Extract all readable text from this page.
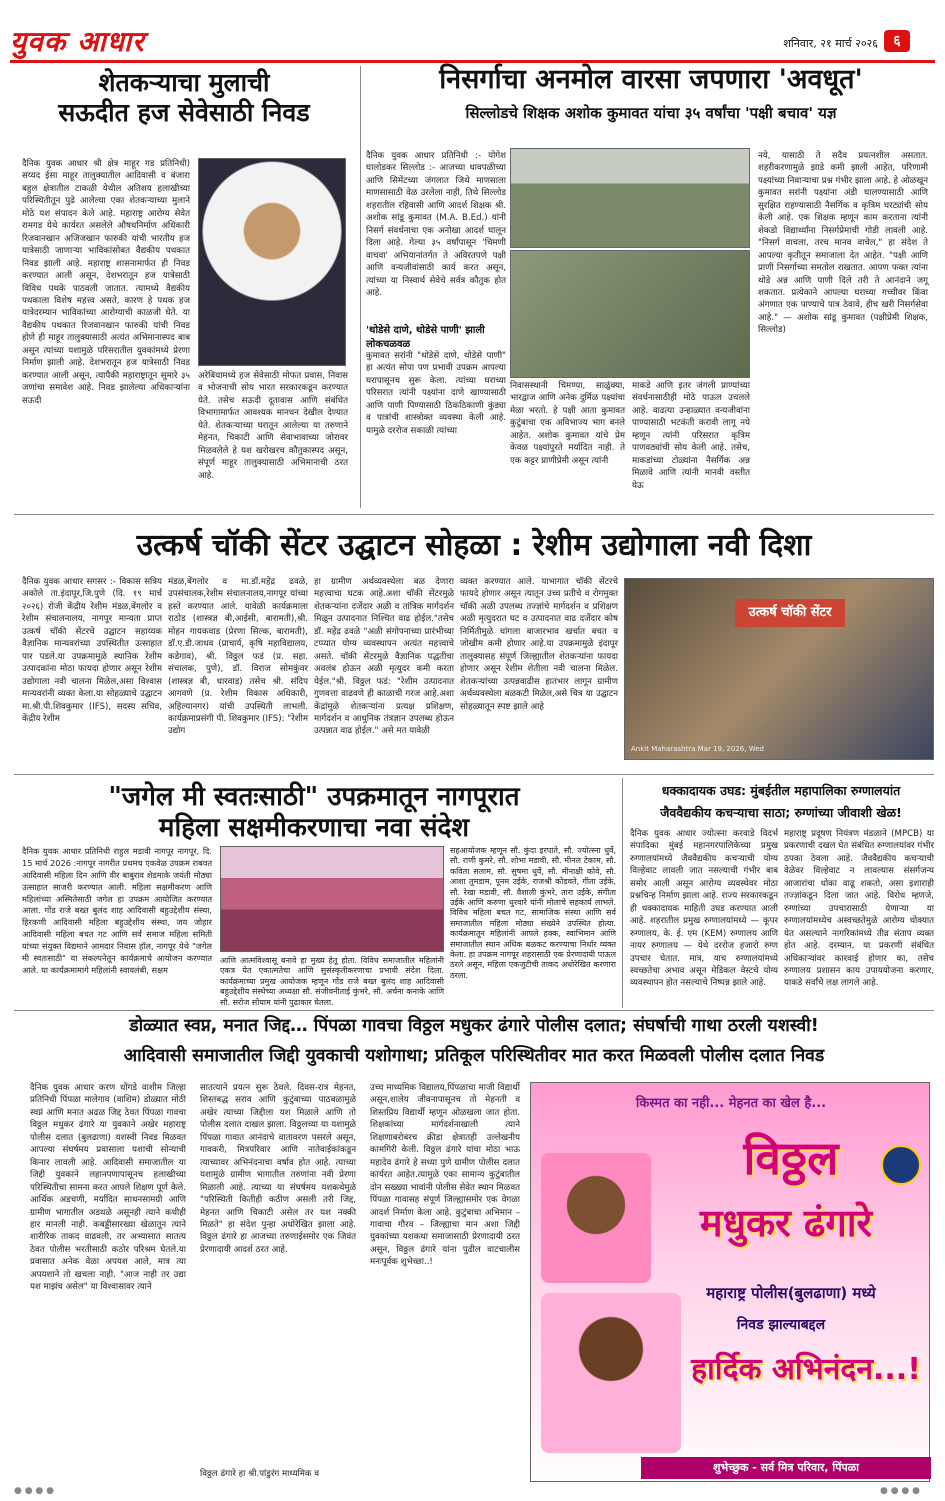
युवक आधार	शनिवार, २१ मार्च २०२६	६
शेतकऱ्याचा मुलाची
सऊदीत हज सेवेसाठी निवड
दैनिक युवक आधार श्री क्षेत्र माहूर गड प्रतिनिधी) सय्यद ईसा माहूर तालुक्यातील आदिवासी व बंजारा बहुल क्षेत्रातील टाकळी येथील अतिशय हलाखीच्या परिस्थितीतून पुढे आलेल्या एका शेतकऱ्याच्या मुलाने मोठे यश संपादन केले आहे. महाराष्ट्र आरोग्य सेवेत रामगड येथे कार्यरत असलेले औषधनिर्माण अधिकारी रिजवानखान अजिजखान फारुकी यांची भारतीय हज यात्रेसाठी जाणाऱ्या भाविकांसोबत वैद्यकीय पथकात निवड झाली आहे. महाराष्ट्र शासनामार्फत ही निवड करण्यात आली असून, देशभरातून हज यात्रेसाठी विविध पथके पाठवली जातात. त्यामध्ये वैद्यकीय पथकाला विशेष महत्त्व असते, कारण हे पथक हज यात्रेदरम्यान भाविकांच्या आरोग्याची काळजी घेते. या वैद्यकीय पथकात रिजवानखान फारुकी यांची निवड होणे ही माहूर तालुक्यासाठी अत्यंत अभिमानास्पद बाब असून त्यांच्या यशामुळे परिसरातील युवकांमध्ये प्रेरणा निर्माण झाली आहे. देशभरातून हज यात्रेसाठी निवड करण्यात आली असून, त्यापैकी महाराष्ट्रातून सुमारे ३५ जणांचा समावेश आहे. निवड झालेल्या अधिकाऱ्यांना सऊदी
अरेबियामध्ये हज सेवेसाठी मोफत प्रवास, निवास व भोजनाची सोय भारत सरकारकडून करण्यात येते. तसेच सऊदी दूतावास आणि संबंधित विभागामार्फत आवश्यक मानधन देखील देण्यात येते. शेतकऱ्याच्या घरातून आलेल्या या तरुणाने मेहनत, चिकाटी आणि सेवाभावाच्या जोरावर मिळवलेले हे यश खरोखरच कौतुकास्पद असून, संपूर्ण माहूर तालुक्यासाठी अभिमानाची ठरत आहे.
निसर्गाचा अनमोल वारसा जपणारा 'अवधूत'
सिल्लोडचे शिक्षक अशोक कुमावत यांचा ३५ वर्षांचा 'पक्षी बचाव' यज्ञ
दैनिक युवक आधार प्रतिनिधी :- योगेश घालोडकर सिल्लोड :- आजच्या धावपळीच्या आणि सिमेंटच्या जंगलात जिथे माणसाला माणसासाठी वेळ उरलेला नाही, तिथे सिल्लोड शहरातील रहिवासी आणि आदर्श शिक्षक श्री. अशोक सांडू कुमावत (M.A. B.Ed.) यांनी निसर्ग संवर्धनाचा एक अनोखा आदर्श घालून दिला आहे. गेल्या ३५ वर्षांपासून 'चिमणी वाचवा' अभियानांतर्गत ते अविरतपणे पक्षी आणि वन्यजीवांसाठी कार्य करत असून, त्यांच्या या निस्वार्थ सेवेचे सर्वत्र कौतुक होत आहे.
'थोडेसे दाणे, थोडेसे पाणी' झाली लोकचळवळ
कुमावत सरांनी "थोडेसे दाणे, थोडेसे पाणी" हा अत्यंत सोपा पण प्रभावी उपक्रम आपल्या घरापासूनच सुरू केला. त्यांच्या घराच्या परिसरात त्यांनी पक्ष्यांना दाणे खाण्यासाठी आणि पाणी पिण्यासाठी ठिकठिकाणी कुंड्या व पात्रांची शास्त्रोक्त व्यवस्था केली आहे. यामुळे दररोज सकाळी त्यांच्या
निवासस्थानी चिमण्या, साळुंक्या, भारद्वाज आणि अनेक दुर्मिळ पक्ष्यांचा मेळा भरतो. हे पक्षी आता कुमावत कुटुंबाचा एक अविभाज्य भाग बनले आहेत. अशोक कुमावत यांचे प्रेम केवळ पक्ष्यांपुरते मर्यादित नाही. ते एक कट्टर प्राणीप्रेमी असून त्यांनी
माकडे आणि इतर जंगली प्राण्यांच्या संवर्धनासाठीही मोठे पाऊल उचलले आहे. वाढत्या उन्हाळ्यात वन्यजीवांना पाण्यासाठी भटकंती करावी लागू नये म्हणून त्यांनी परिसरात कृत्रिम पाणवठ्यांची सोय केली आहे. तसेच, माकडांच्या टोळ्यांना नैसर्गिक अन्न मिळावे आणि त्यांनी मानवी वस्तीत येऊ
नये, यासाठी ते सदैव प्रयत्नशील असतात. शहरीकरणामुळे झाडे कमी झाली आहेत, परिणामी पक्ष्यांच्या निवाऱ्याचा प्रश्न गंभीर झाला आहे. हे ओळखून कुमावत सरांनी पक्ष्यांना अंडी घालण्यासाठी आणि सुरक्षित राहण्यासाठी नैसर्गिक व कृत्रिम घरट्यांची सोय केली आहे. एक शिक्षक म्हणून काम करताना त्यांनी शेकडो विद्यार्थ्यांना निसर्गप्रेमाची गोडी लावली आहे. "निसर्ग वाचला, तरच मानव वाचेल," हा संदेश ते आपल्या कृतीतून समाजाला देत आहेत. "पक्षी आणि प्राणी निसर्गाच्या समतोल राखतात. आपण फक्त त्यांना थोडे अन्न आणि पाणी दिले तरी ते आनंदाने जगू शकतात. प्रत्येकाने आपल्या घराच्या गच्चीवर किंवा अंगणात एक पाण्याचे पात्र ठेवावे, हीच खरी निसर्गसेवा आहे." — अशोक सांडू कुमावत (पक्षीप्रेमी शिक्षक, सिल्लोड)
उत्कर्ष चॉकी सेंटर उद्घाटन सोहळा : रेशीम उद्योगाला नवी दिशा
दैनिक युवक आधार सगसर :- विकास सत्रिय अकोले ता.इंदापूर,जि.पुणे (दि. १९ मार्च २०२६) रोजी केंद्रीय रेशीम मंडळ,बेंगलोर व रेशीम संचालनालय, नागपूर मान्यता प्राप्त उत्कर्ष चॉकी सेंटरचे उद्घाटन सहाय्यक वैज्ञानिक मान्यवरांच्या उपस्थितीत उत्साहात पार पडले.या उपक्रमामुळे स्थानिक रेशीम उत्पादकांना मोठा फायदा होणार असून रेशीम उद्योगाला नवी चालना मिळेल,असा विश्वास मान्यवरांनी व्यक्त केला.या सोहळ्याचे उद्घाटन मा.श्री.पी.शिवकुमार (IFS), सदस्य सचिव, केंद्रीय रेशीम
मंडळ,बेंगलोर व मा.डॉ.महेंद्र ढवळे, उपसंचालक,रेशीम संचालनालय,नागपूर यांच्या हस्ते करण्यात आले. यावेळी कार्यक्रमाला राठोड (शास्त्रज्ञ बी,आईसी, बारामती),श्री. मोहन गायकवाड (प्रेरणा सिल्क, बारामती), डॉ.ए.डी.जाधव (प्राचार्य, कृषि महाविद्यालय, कडेगाव), श्री. विठ्ठल फडं (प्र. सहा. संचालक, पुणे), डॉ. विराज सोमकुंवर (शास्त्रज्ञ बी, धारवाड) तसेच श्री. संदिप आगवणे (प्र. रेशीम विकास अधिकारी, अहिल्यानगर) यांची उपस्थिती लाभली. कार्यक्रमाप्रसंगी पी. शिवकुमार (IFS): "रेशीम उद्योग
हा ग्रामीण अर्थव्यवस्थेला बळ देणारा महत्त्वाचा घटक आहे.अशा चॉकी सेंटरमुळे शेतकऱ्यांना दर्जेदार अळी व तांत्रिक मार्गदर्शन मिळून उत्पादनात निश्चित वाढ होईल."तसेच डॉ. महेंद्र ढवळे "अळी संगोपनाच्या प्रारंभीच्या टप्प्यात योग्य व्यवस्थापन अत्यंत महत्त्वाचे असते. चॉकी सेंटरमुळे वैज्ञानिक पद्धतीचा अवलंब होऊन अळी मृत्युदर कमी करता येईल."श्री. विठ्ठल फडं: "रेशीम उत्पादनात गुणवत्ता वाढवणे ही काळाची गरज आहे.अशा केंद्रांमुळे शेतकऱ्यांना प्रत्यक्ष प्रशिक्षण, मार्गदर्शन व आधुनिक तंत्रज्ञान उपलब्ध होऊन उत्पन्नात वाढ होईल." असे मत यावेळी
व्यक्त करण्यात आले. याभागात चॉकी सेंटरचे फायदे होणार असून त्यातून उच्च प्रतीचे व रोगमुक्त चॉकी अळी उपलब्ध तज्ज्ञांचे मार्गदर्शन व प्रशिक्षण अळी मृत्युदरात घट व उत्पादनात वाढ दर्जेदार कोष निर्मितीमुळे चांगला बाजारभाव खर्चात बचत व जोखीम कमी होणार आहे.या उपक्रमामुळे इंदापूर तालुक्यासह संपूर्ण जिल्ह्यातील शेतकऱ्यांना फायदा होणार असून रेशीम शेतीला नवी चालना मिळेल. शेतकऱ्यांच्या उत्पन्नवाढीस हातभार लागून ग्रामीण अर्थव्यवस्थेला बळकटी मिळेल,असे चित्र या उद्घाटन सोहळ्यातून स्पष्ट झाले आहे
उत्कर्ष चॉकी सेंटर
Ankit Maharashtra Mar 19, 2026, Wed
"जगेल मी स्वतःसाठी" उपक्रमातून नागपूरात
महिला सक्षमीकरणाचा नवा संदेश
दैनिक युवक आधार प्रतिनिधी राहुल मडावी नागपूर नागपूर, दि. 15 मार्च 2026 :नागपूर नागरीत प्रथमच एकवेळ उपक्रम राबवत आदिवासी महिला दिन आणि वीर बाबुराव शेडमाके जयंती मोठ्या उत्साहात साजरी करण्यात आली. महिला सक्षमीकरण आणि महिलांच्या अस्मितेसाठी जगेल हा उपक्रम आयोजित करण्यात आला. गोंड राजे बख्त बुलंद शाह आदिवासी बहुउद्देशीय संस्था, हिरकणी आदिवासी महिला बहुउद्देशीय संस्था, जय जोहार आदिवासी महिला बचत गट आणि सर्व समाज महिला समिती यांच्या संयुक्त विद्यमाने आमदार निवास हॉल, नागपूर येथे "जगेल मी स्वतःसाठी" या संकल्पनेतून कार्यक्रमाचे आयोजन करण्यात आले. या कार्यक्रमामागे महिलांनी स्वावलंबी, सक्षम
आणि आत्मविश्वासू बनावे हा मुख्य हेतू होता. विविध समाजातील महिलांनी एकत्र येत एकात्मतेचा आणि सुसंस्कृतीकरणाचा प्रभावी संदेश दिला. कार्यक्रमाच्या प्रमुख आयोजक म्हणून गोंड राजे बख्त बुलंद शाह आदिवासी बहुउद्देशीय संस्थेच्या अध्यक्षा सौ. संजीवनीताई कुंभरे, सौ. अर्चना कनाके आणि सौ. सरोज सोयाम यांनी पुढाकार घेतला.
सहआयोजक म्हणून सौ. कुंदा इरपाते, सौ. ज्योत्स्ना धुर्वे, सौ. राणी कुमरे, सौ. शोभा मडावी, सौ. मीनल टेकाम, सौ. कविता सलाम, सौ. सुषमा धुर्वे, सौ. मीनाक्षी कोवे, सौ. आशा तुमडाम, पूनम उईके, राजश्री कोडवते, गीता उईके, सौ. रेखा मडावी, सौ. वैशाली कुंभरे, तारा उईके, संगीता उईके आणि करुणा धुरवारे यांनी मोलाचे सहकार्य लाभले. विविध महिला बचत गट, सामाजिक संस्था आणि सर्व समाजातील महिला मोठ्या संख्येने उपस्थित होत्या. कार्यक्रमातून महिलांनी आपले हक्क, स्वाभिमान आणि समाजातील स्थान अधिक बळकट करण्याचा निर्धार व्यक्त केला. हा उपक्रम नागपूर शहरासाठी एक प्रेरणादायी पाऊल ठरले असून, महिला एकजुटीची ताकद अधोरेखित करणारा ठरला.
धक्कादायक उघड: मुंबईतील महापालिका रुग्णालयांत
जैववैद्यकीय कचऱ्याचा साठा; रुग्णांच्या जीवाशी खेळ!
दैनिक युवक आधार ज्योत्स्ना करवाडे विदर्भ संपादिका मुंबई महानगरपालिकेच्या प्रमुख रुग्णालयांमध्ये जैववैद्यकीय कचऱ्याची योग्य विल्हेवाट लावली जात नसल्याची गंभीर बाब समोर आली असून आरोग्य व्यवस्थेवर मोठा प्रश्नचिन्ह निर्माण झाला आहे. राज्य सरकारकडून ही धक्कादायक माहिती उघड करण्यात आली आहे. शहरातील प्रमुख रुग्णालयांमध्ये — कूपर रुग्णालय, के. ई. एम (KEM) रुग्णालय आणि नायर रुग्णालय — येथे दररोज हजारो रुग्ण उपचार घेतात. मात्र, याच रुग्णालयांमध्ये स्वच्छतेचा अभाव असून मेडिकल वेस्टचे योग्य व्यवस्थापन होत नसल्याचे निष्पन्न झाले आहे.
महाराष्ट्र प्रदूषण नियंत्रण मंडळाने (MPCB) या प्रकरणाची दखल घेत संबंधित रुग्णालयांवर गंभीर ठपका ठेवला आहे. जैववैद्यकीय कचऱ्याची वेळेवर विल्हेवाट न लावल्यास संसर्गजन्य आजारांचा धोका वाढू शकतो, असा इशाराही तज्ज्ञांकडून दिला जात आहे. विरोध म्हणजे, रुग्णांच्या उपचारासाठी येणाऱ्या या रुग्णालयांमध्येच अस्वच्छतेमुळे आरोग्य धोक्यात येत असल्याने नागरिकांमध्ये तीव्र संताप व्यक्त होत आहे. दरम्यान, या प्रकरणी संबंधित अधिकाऱ्यांवर कारवाई होणार का, तसेच रुग्णालय प्रशासन काय उपाययोजना करणार, याकडे सर्वांचे लक्ष लागले आहे.
डोळ्यात स्वप्न, मनात जिद्द… पिंपळा गावचा विठ्ठल मधुकर ढंगारे पोलीस दलात; संघर्षाची गाथा ठरली यशस्वी!
आदिवासी समाजातील जिद्दी युवकाची यशोगाथा; प्रतिकूल परिस्थितीवर मात करत मिळवली पोलीस दलात निवड
दैनिक युवक आधार करण धोंगडे वाशीम जिल्हा प्रतिनिधी पिंपळा मालेगाव (वाशिम) डोळ्यात मोठी स्वप्नं आणि मनात अढळ जिद्द ठेवत पिंपळा गावचा विठ्ठल मधुकर ढंगारे या युवकाने अखेर महाराष्ट्र पोलीस दलात (बुलढाणा) यशस्वी निवड मिळवत आपल्या संघर्षमय प्रवासाला यशाची सोन्याची किनार लावली आहे. आदिवासी समाजातील या जिद्दी युवकाने लहानपणापासूनच हलाखीच्या परिस्थितीचा सामना करत आपले शिक्षण पूर्ण केले. आर्थिक अडचणी, मर्यादित साधनसामग्री आणि ग्रामीण भागातील अडथळे असूनही त्याने कधीही हार मानली नाही. कबड्डीसारख्या खेळातून त्याने शारीरिक ताकद वाढवली, तर अभ्यासात सातत्य ठेवत पोलीस भरतीसाठी कठोर परिश्रम घेतले.या प्रवासात अनेक वेळा अपयश आले, मात्र त्या अपयशाने तो खचला नाही. "आज नाही तर उद्या यश माझंच असेल" या विश्वासावर त्याने
सातत्याने प्रयत्न सुरू ठेवले. दिवस-रात्र मेहनत, शिस्तबद्ध सराव आणि कुटुंबाच्या पाठबळामुळे अखेर त्याच्या जिद्दीला यश मिळाले आणि तो पोलीस दलात दाखल झाला. विठ्ठलच्या या यशामुळे पिंपळा गावात आनंदाचे वातावरण पसरले असून, गावकरी, मित्रपरिवार आणि नातेवाईकांकडून त्याच्यावर अभिनंदनाचा वर्षाव होत आहे. त्याच्या यशामुळे ग्रामीण भागातील तरुणांना नवी प्रेरणा मिळाली आहे. त्याच्या या संघर्षमय यशकथेमुळे "परिस्थिती कितीही कठीण असली तरी जिद्द, मेहनत आणि चिकाटी असेल तर यश नक्की मिळते" हा संदेश पुन्हा अधोरेखित झाला आहे. विठ्ठल ढंगारे हा आजच्या तरुणाईसमोर एक जिवंत प्रेरणादायी आदर्श ठरत आहे.
विठ्ठल ढंगारे हा श्री.पांडुरंग माध्यमिक व
उच्च माध्यमिक विद्यालय,पिंपळाचा माजी विद्यार्थी असून,शालेय जीवनापासूनच तो मेहनती व शिस्तप्रिय विद्यार्थी म्हणून ओळखला जात होता. शिक्षकांच्या मार्गदर्शनाखाली त्याने शिक्षणाबरोबरच क्रीडा क्षेत्रातही उल्लेखनीय कामगिरी केली. विठ्ठल ढंगारे यांचा मोठा भाऊ महादेव ढंगारे हे सध्या पुणे ग्रामीण पोलीस दलात कार्यरत आहेत.त्यामुळे एका सामान्य कुटुंबातील दोन सख्ख्या भावांनी पोलीस सेवेत स्थान मिळवत पिंपळा गावासह संपूर्ण जिल्ह्यासमोर एक वेगळा आदर्श निर्माण केला आहे. कुटुंबाचा अभिमान – गावाचा गौरव – जिल्ह्याचा मान अशा जिद्दी युवकांच्या यशकथा समाजासाठी प्रेरणादायी ठरत असून, विठ्ठल ढंगारे यांना पुढील वाटचालीस मनःपूर्वक शुभेच्छा..!
किस्मत का नही... मेहनत का खेल है...
विठ्ठल
मधुकर ढंगारे
महाराष्ट्र पोलीस(बुलढाणा) मध्ये
निवड झाल्याबद्दल
हार्दिक अभिनंदन...!
शुभेच्छुक - सर्व मित्र परिवार, पिंपळा
● ● ● ●	● ● ● ●
